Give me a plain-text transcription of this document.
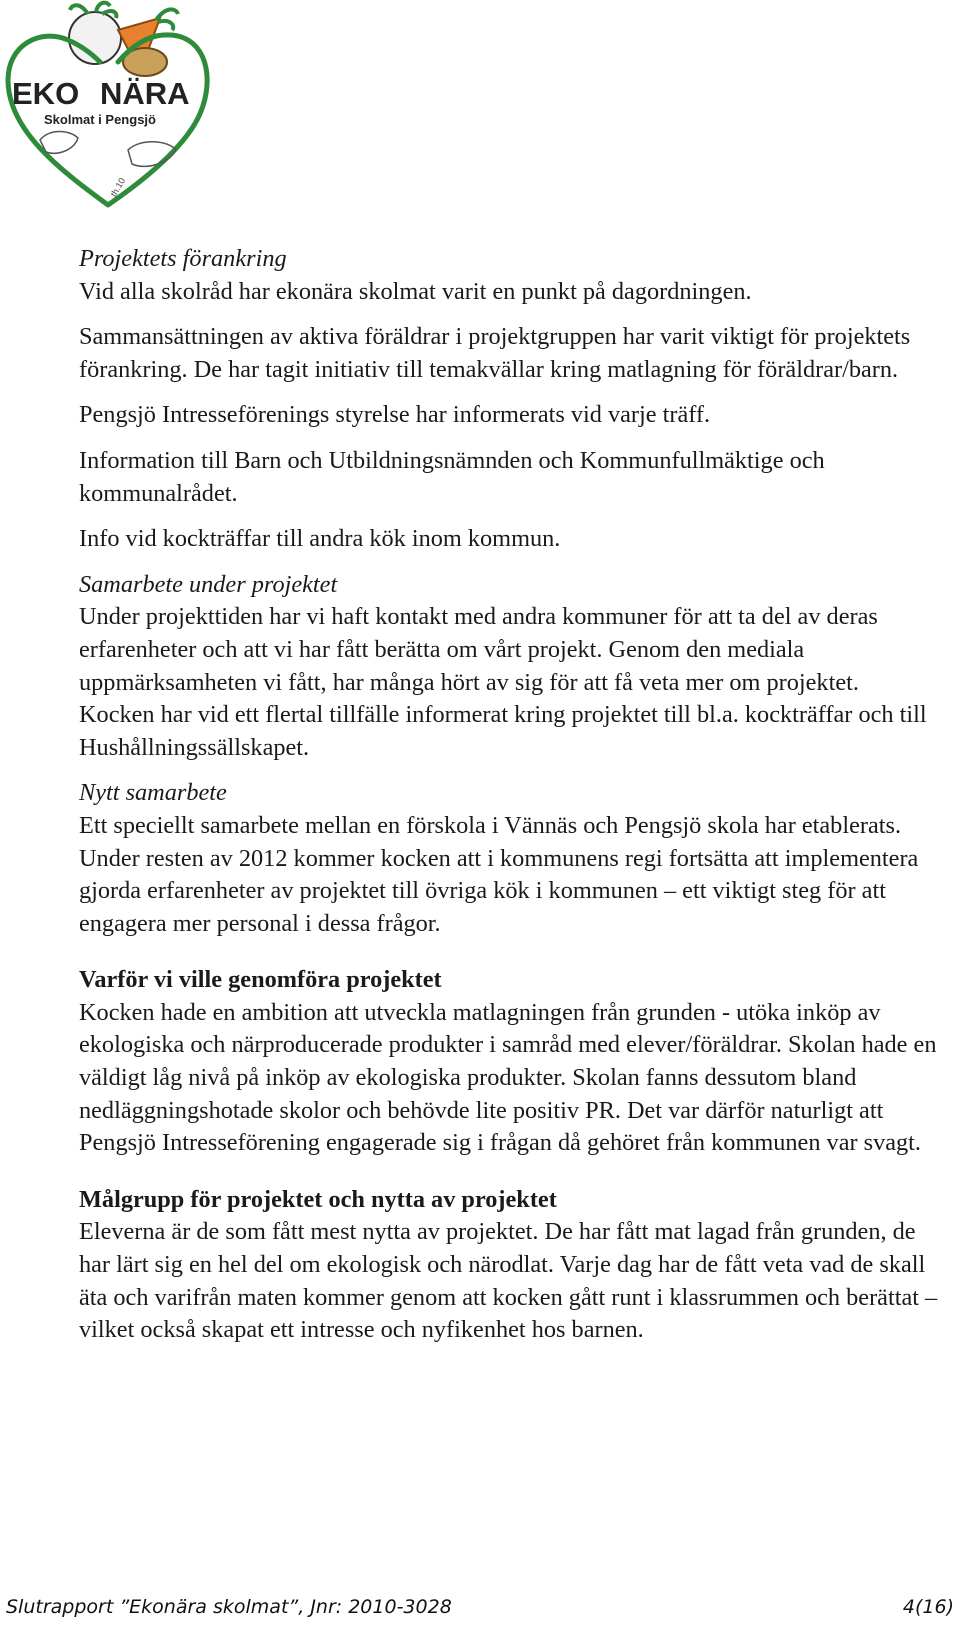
EKO NÄRA
Skolmat i Pengsjö
th.10

Projektets förankring

Vid alla skolråd har ekonära skolmat varit en punkt på dagordningen.

Sammansättningen av aktiva föräldrar i projektgruppen har varit viktigt för projektets förankring. De har tagit initiativ till temakvällar kring matlagning för föräldrar/barn.

Pengsjö Intresseförenings styrelse har informerats vid varje träff.

Information till Barn och Utbildningsnämnden och Kommunfullmäktige och kommunalrådet.

Info vid kockträffar till andra kök inom kommun.

Samarbete under projektet

Under projekttiden har vi haft kontakt med andra kommuner för att ta del av deras erfarenheter och att vi har fått berätta om vårt projekt. Genom den mediala uppmärksamheten vi fått, har många hört av sig för att få veta mer om projektet. Kocken har vid ett flertal tillfälle informerat kring projektet till bl.a. kockträffar och till Hushållningssällskapet.

Nytt samarbete

Ett speciellt samarbete mellan en förskola i Vännäs och Pengsjö skola har etablerats. Under resten av 2012 kommer kocken att i kommunens regi fortsätta att implementera gjorda erfarenheter av projektet till övriga kök i kommunen – ett viktigt steg för att engagera mer personal i dessa frågor.

Varför vi ville genomföra projektet

Kocken hade en ambition att utveckla matlagningen från grunden - utöka inköp av ekologiska och närproducerade produkter i samråd med elever/föräldrar. Skolan hade en väldigt låg nivå på inköp av ekologiska produkter. Skolan fanns dessutom bland nedläggningshotade skolor och behövde lite positiv PR. Det var därför naturligt att Pengsjö Intresseförening engagerade sig i frågan då gehöret från kommunen var svagt.

Målgrupp för projektet och nytta av projektet

Eleverna är de som fått mest nytta av projektet. De har fått mat lagad från grunden, de har lärt sig en hel del om ekologisk och närodlat. Varje dag har de fått veta vad de skall äta och varifrån maten kommer genom att kocken gått runt i klassrummen och berättat – vilket också skapat ett intresse och nyfikenhet hos barnen.

Slutrapport ”Ekonära skolmat”, Jnr: 2010-3028	4(16)
